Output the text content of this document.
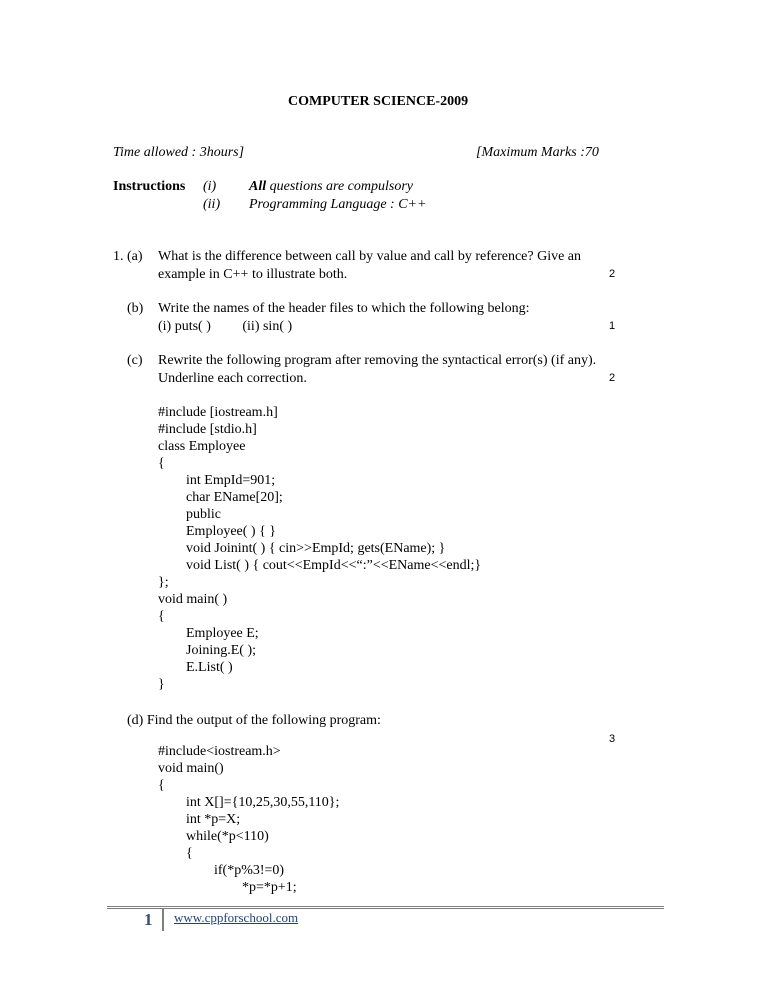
COMPUTER SCIENCE-2009
Time allowed : 3hours]	[Maximum Marks :70
Instructions (i) All questions are compulsory
(ii) Programming Language : C++
1. (a) What is the difference between call by value and call by reference? Give an
example in C++ to illustrate both.	2
(b) Write the names of the header files to which the following belong:
(i) puts( )         (ii) sin( )	1
(c) Rewrite the following program after removing the syntactical error(s) (if any).
Underline each correction.	2
#include [iostream.h]
#include [stdio.h]
class Employee
{
int EmpId=901;
char EName[20];
public
Employee( ) { }
void Joinint( ) { cin>>EmpId; gets(EName); }
void List( ) { cout<<EmpId<<“:”<<EName<<endl;}
};
void main( )
{
Employee E;
Joining.E( );
E.List( )
}
(d) Find the output of the following program:
3
#include<iostream.h>
void main()
{
int X[]={10,25,30,55,110};
int *p=X;
while(*p<110)
{
if(*p%3!=0)
*p=*p+1;
1 www.cppforschool.com
